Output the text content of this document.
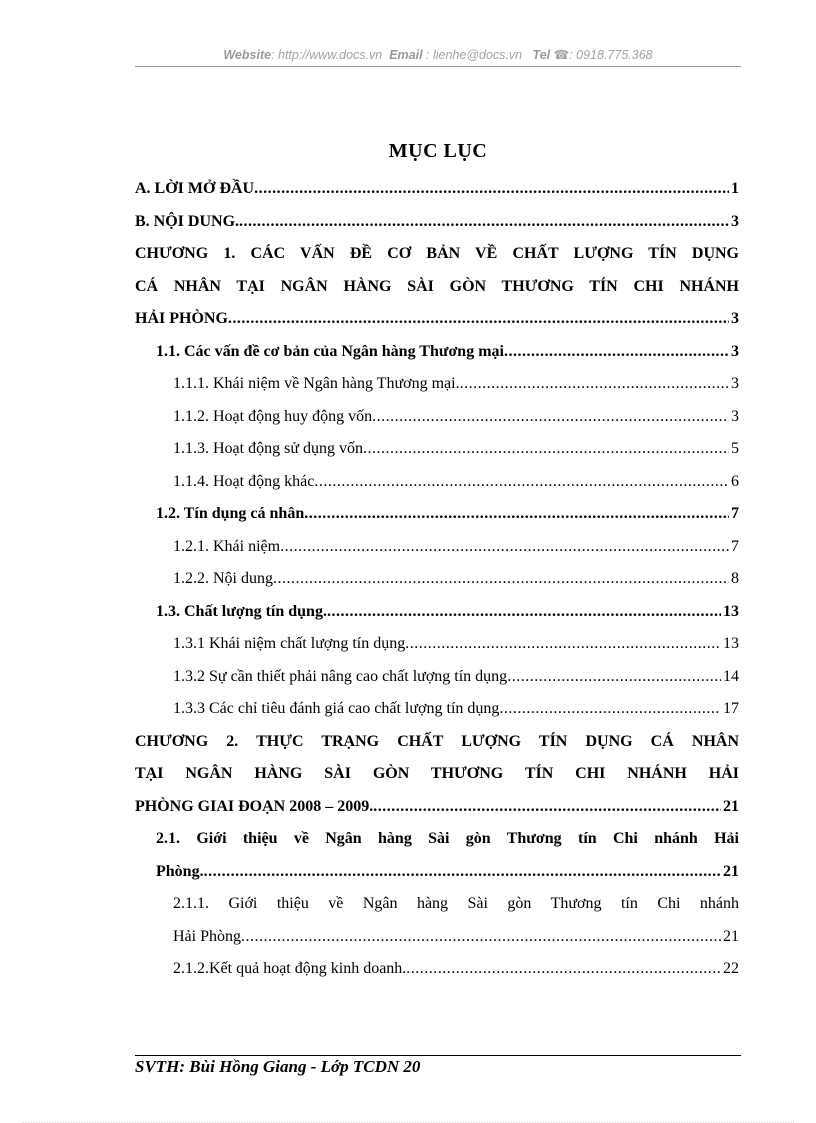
Website: http://www.docs.vn Email : lienhe@docs.vn Tel ☎: 0918.775.368
MỤC LỤC
A. LỜI MỞ ĐẦU .....	1
B. NỘI DUNG. .....	3
CHƯƠNG 1. CÁC VẤN ĐỀ CƠ BẢN VỀ CHẤT LƯỢNG TÍN DỤNG
CÁ NHÂN TẠI NGÂN HÀNG SÀI GÒN THƯƠNG TÍN CHI NHÁNH
HẢI PHÒNG .....	3
1.1. Các vấn đề cơ bản của Ngân hàng Thương mại .....	3
1.1.1. Khái niệm về Ngân hàng Thương mại. .....	3
1.1.2. Hoạt động huy động vốn .....	3
1.1.3. Hoạt động sử dụng vốn .....	5
1.1.4. Hoạt động khác .....	6
1.2. Tín dụng cá nhân .....	7
1.2.1. Khái niệm .....	7
1.2.2. Nội dung .....	8
1.3. Chất lượng tín dụng. .....	13
1.3.1 Khái niệm chất lượng tín dụng .....	13
1.3.2 Sự cần thiết phải nâng cao chất lượng tín dụng .....	14
1.3.3 Các chỉ tiêu đánh giá cao chất lượng tín dụng .....	17
CHƯƠNG 2. THỰC TRẠNG CHẤT LƯỢNG TÍN DỤNG CÁ NHÂN
TẠI NGÂN HÀNG SÀI GÒN THƯƠNG TÍN CHI NHÁNH HẢI
PHÒNG GIAI ĐOẠN 2008 – 2009. .....	21
2.1. Giới thiệu về Ngân hàng Sài gòn Thương tín Chi nhánh Hải
Phòng. .....	21
2.1.1. Giới thiệu về Ngân hàng Sài gòn Thương tín Chi nhánh
Hải Phòng .....	21
2.1.2.Kết quả hoạt động kinh doanh. .....	22
SVTH: Bùi Hồng Giang - Lớp TCDN 20
